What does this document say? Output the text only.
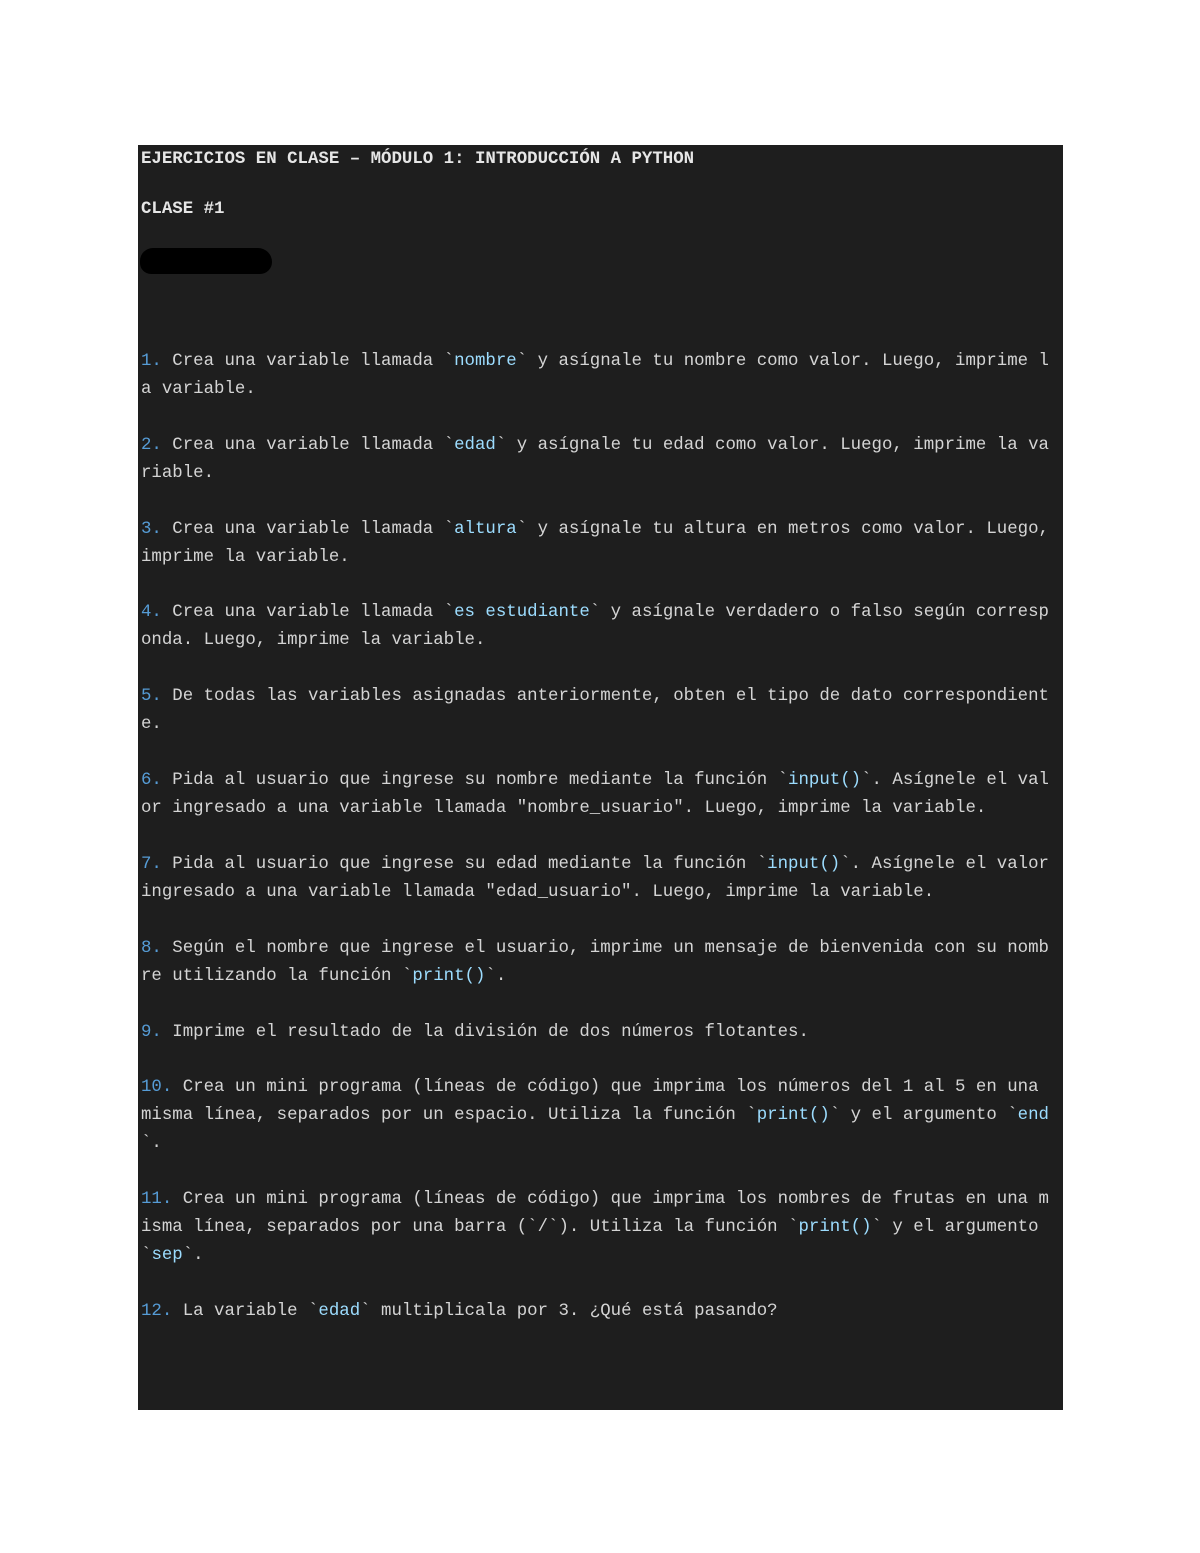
EJERCICIOS EN CLASE – MÓDULO 1: INTRODUCCIÓN A PYTHON
CLASE #1
1. Crea una variable llamada `nombre` y asígnale tu nombre como valor. Luego, imprime la variable.
2. Crea una variable llamada `edad` y asígnale tu edad como valor. Luego, imprime la variable.
3. Crea una variable llamada `altura` y asígnale tu altura en metros como valor. Luego, imprime la variable.
4. Crea una variable llamada `es estudiante` y asígnale verdadero o falso según corresponda. Luego, imprime la variable.
5. De todas las variables asignadas anteriormente, obten el tipo de dato correspondiente.
6. Pida al usuario que ingrese su nombre mediante la función `input()`. Asígnele el valor ingresado a una variable llamada "nombre_usuario". Luego, imprime la variable.
7. Pida al usuario que ingrese su edad mediante la función `input()`. Asígnele el valor ingresado a una variable llamada "edad_usuario". Luego, imprime la variable.
8. Según el nombre que ingrese el usuario, imprime un mensaje de bienvenida con su nombre utilizando la función `print()`.
9. Imprime el resultado de la división de dos números flotantes.
10. Crea un mini programa (líneas de código) que imprima los números del 1 al 5 en una misma línea, separados por un espacio. Utiliza la función `print()` y el argumento `end`.
11. Crea un mini programa (líneas de código) que imprima los nombres de frutas en una misma línea, separados por una barra (`/`). Utiliza la función `print()` y el argumento `sep`.
12. La variable `edad` multiplicala por 3. ¿Qué está pasando?
